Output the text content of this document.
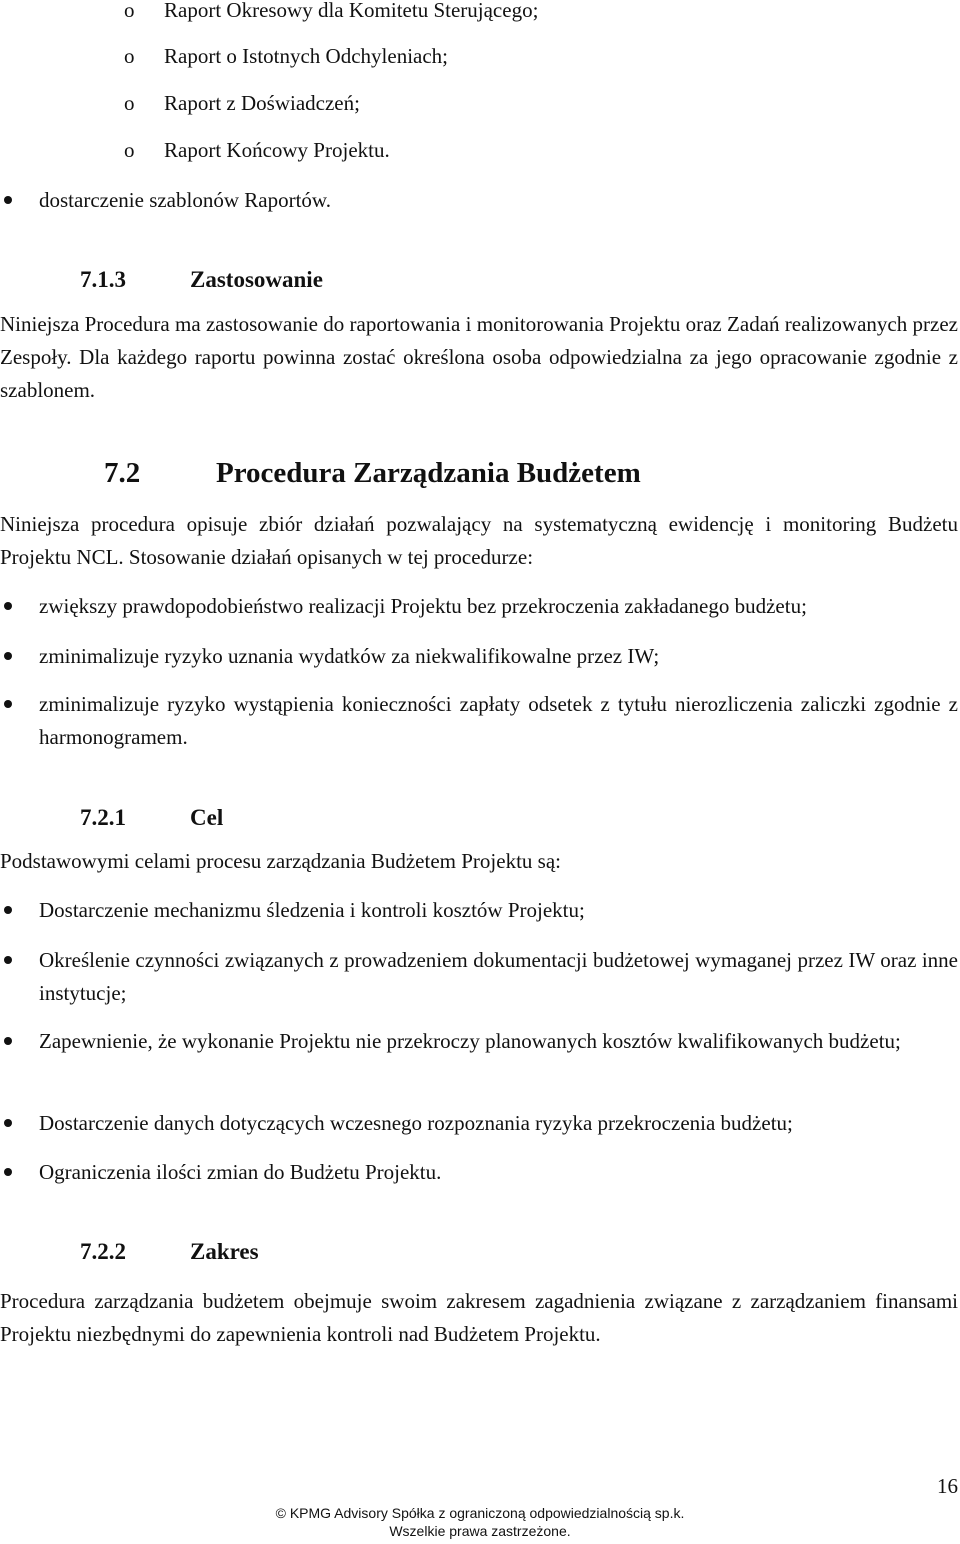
o Raport Okresowy dla Komitetu Sterującego;
o Raport o Istotnych Odchyleniach;
o Raport z Doświadczeń;
o Raport Końcowy Projektu.
dostarczenie szablonów Raportów.
7.1.3	Zastosowanie
Niniejsza Procedura ma zastosowanie do raportowania i monitorowania Projektu oraz Zadań realizowanych przez Zespoły. Dla każdego raportu powinna zostać określona osoba odpowiedzialna za jego opracowanie zgodnie z szablonem.
7.2	Procedura Zarządzania Budżetem
Niniejsza procedura opisuje zbiór działań pozwalający na systematyczną ewidencję i monitoring Budżetu Projektu NCL. Stosowanie działań opisanych w tej procedurze:
zwiększy prawdopodobieństwo realizacji Projektu bez przekroczenia zakładanego budżetu;
zminimalizuje ryzyko uznania wydatków za niekwalifikowalne przez IW;
zminimalizuje ryzyko wystąpienia konieczności zapłaty odsetek z tytułu nierozliczenia zaliczki zgodnie z harmonogramem.
7.2.1	Cel
Podstawowymi celami procesu zarządzania Budżetem Projektu są:
Dostarczenie mechanizmu śledzenia i kontroli kosztów Projektu;
Określenie czynności związanych z prowadzeniem dokumentacji budżetowej wymaganej przez IW oraz inne instytucje;
Zapewnienie, że wykonanie Projektu nie przekroczy planowanych kosztów kwalifikowanych budżetu;
Dostarczenie danych dotyczących wczesnego rozpoznania ryzyka przekroczenia budżetu;
Ograniczenia ilości zmian do Budżetu Projektu.
7.2.2	Zakres
Procedura zarządzania budżetem obejmuje swoim zakresem zagadnienia związane z zarządzaniem finansami Projektu niezbędnymi do zapewnienia kontroli nad Budżetem Projektu.
16
© KPMG Advisory Spółka z ograniczoną odpowiedzialnością sp.k.
Wszelkie prawa zastrzeżone.
